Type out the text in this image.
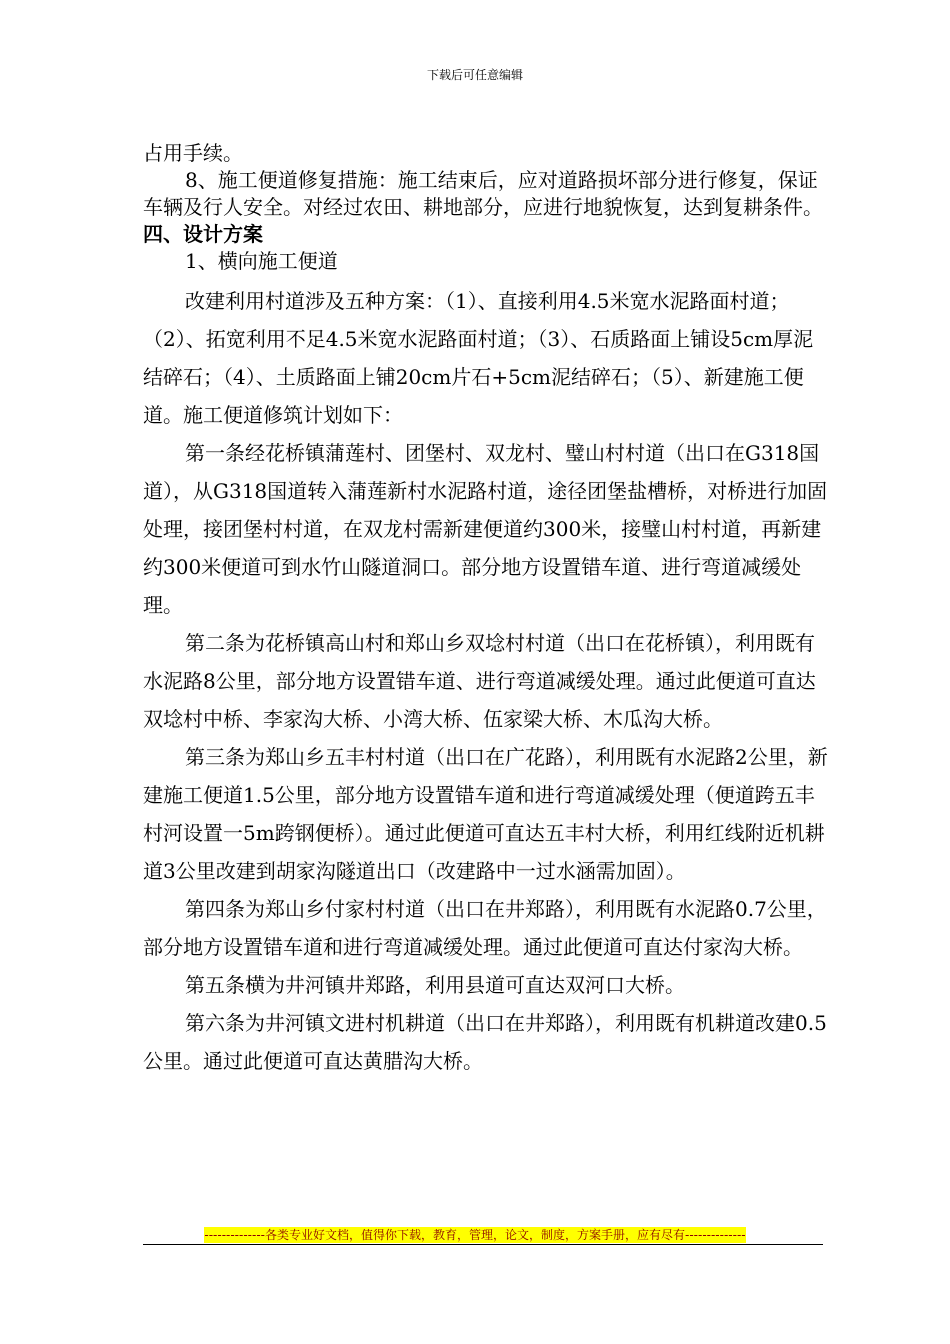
下载后可任意编辑

占用手续。

8、施工便道修复措施：施工结束后，应对道路损坏部分进行修复，保证车辆及行人安全。对经过农田、耕地部分，应进行地貌恢复，达到复耕条件。

四、设计方案

1、横向施工便道

改建利用村道涉及五种方案：（1）、直接利用4.5米宽水泥路面村道；（2）、拓宽利用不足4.5米宽水泥路面村道；（3）、石质路面上铺设5cm厚泥结碎石；（4）、土质路面上铺20cm片石+5cm泥结碎石；（5）、新建施工便道。施工便道修筑计划如下：

第一条经花桥镇蒲莲村、团堡村、双龙村、璧山村村道（出口在G318国道），从G318国道转入蒲莲新村水泥路村道，途径团堡盐槽桥，对桥进行加固处理，接团堡村村道，在双龙村需新建便道约300米，接璧山村村道，再新建约300米便道可到水竹山隧道洞口。部分地方设置错车道、进行弯道减缓处理。

第二条为花桥镇高山村和郑山乡双埝村村道（出口在花桥镇），利用既有水泥路8公里，部分地方设置错车道、进行弯道减缓处理。通过此便道可直达双埝村中桥、李家沟大桥、小湾大桥、伍家梁大桥、木瓜沟大桥。

第三条为郑山乡五丰村村道（出口在广花路），利用既有水泥路2公里，新建施工便道1.5公里，部分地方设置错车道和进行弯道减缓处理（便道跨五丰村河设置一5m跨钢便桥）。通过此便道可直达五丰村大桥，利用红线附近机耕道3公里改建到胡家沟隧道出口（改建路中一过水涵需加固）。

第四条为郑山乡付家村村道（出口在井郑路），利用既有水泥路0.7公里，部分地方设置错车道和进行弯道减缓处理。通过此便道可直达付家沟大桥。

第五条横为井河镇井郑路，利用县道可直达双河口大桥。

第六条为井河镇文进村机耕道（出口在井郑路），利用既有机耕道改建0.5公里。通过此便道可直达黄腊沟大桥。

--------------各类专业好文档，值得你下载，教育，管理，论文，制度，方案手册，应有尽有--------------
